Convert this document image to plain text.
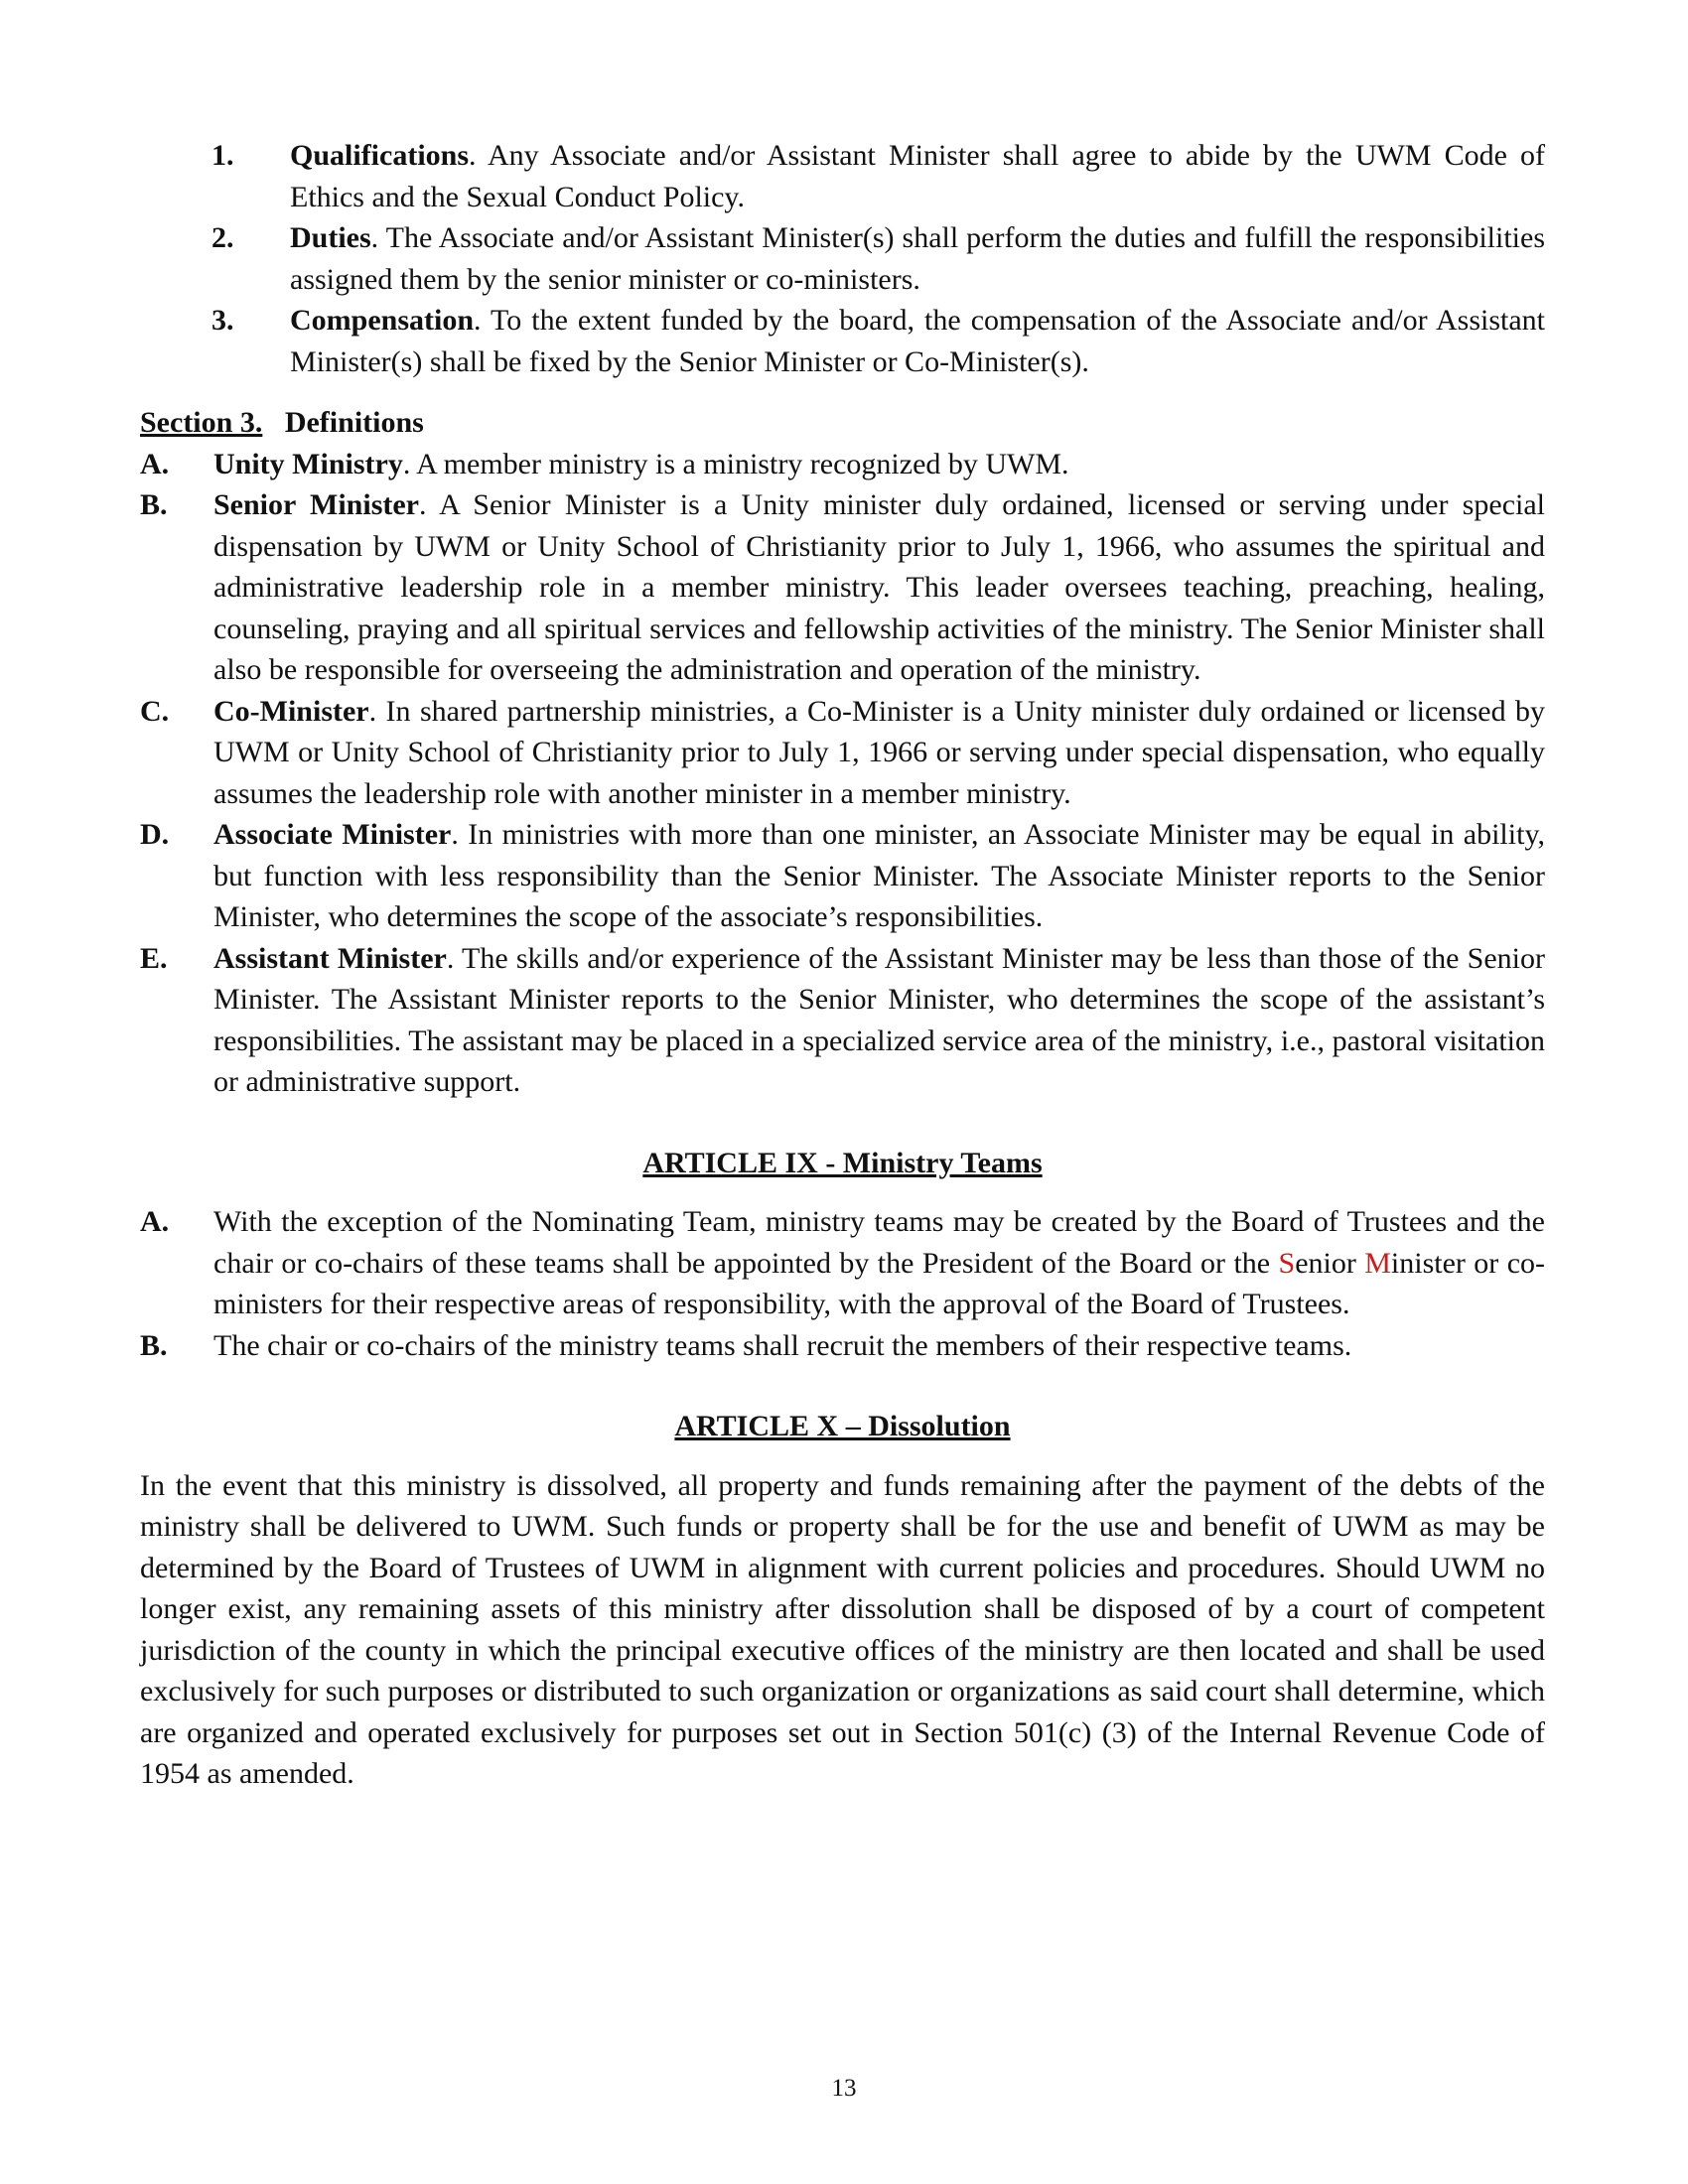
1. Qualifications. Any Associate and/or Assistant Minister shall agree to abide by the UWM Code of Ethics and the Sexual Conduct Policy.
2. Duties. The Associate and/or Assistant Minister(s) shall perform the duties and fulfill the responsibilities assigned them by the senior minister or co-ministers.
3. Compensation. To the extent funded by the board, the compensation of the Associate and/or Assistant Minister(s) shall be fixed by the Senior Minister or Co-Minister(s).
Section 3. Definitions
A. Unity Ministry. A member ministry is a ministry recognized by UWM.
B. Senior Minister. A Senior Minister is a Unity minister duly ordained, licensed or serving under special dispensation by UWM or Unity School of Christianity prior to July 1, 1966, who assumes the spiritual and administrative leadership role in a member ministry. This leader oversees teaching, preaching, healing, counseling, praying and all spiritual services and fellowship activities of the ministry. The Senior Minister shall also be responsible for overseeing the administration and operation of the ministry.
C. Co-Minister. In shared partnership ministries, a Co-Minister is a Unity minister duly ordained or licensed by UWM or Unity School of Christianity prior to July 1, 1966 or serving under special dispensation, who equally assumes the leadership role with another minister in a member ministry.
D. Associate Minister. In ministries with more than one minister, an Associate Minister may be equal in ability, but function with less responsibility than the Senior Minister. The Associate Minister reports to the Senior Minister, who determines the scope of the associate’s responsibilities.
E. Assistant Minister. The skills and/or experience of the Assistant Minister may be less than those of the Senior Minister. The Assistant Minister reports to the Senior Minister, who determines the scope of the assistant’s responsibilities. The assistant may be placed in a specialized service area of the ministry, i.e., pastoral visitation or administrative support.
ARTICLE IX - Ministry Teams
A. With the exception of the Nominating Team, ministry teams may be created by the Board of Trustees and the chair or co-chairs of these teams shall be appointed by the President of the Board or the Senior Minister or co-ministers for their respective areas of responsibility, with the approval of the Board of Trustees.
B. The chair or co-chairs of the ministry teams shall recruit the members of their respective teams.
ARTICLE X – Dissolution
In the event that this ministry is dissolved, all property and funds remaining after the payment of the debts of the ministry shall be delivered to UWM. Such funds or property shall be for the use and benefit of UWM as may be determined by the Board of Trustees of UWM in alignment with current policies and procedures. Should UWM no longer exist, any remaining assets of this ministry after dissolution shall be disposed of by a court of competent jurisdiction of the county in which the principal executive offices of the ministry are then located and shall be used exclusively for such purposes or distributed to such organization or organizations as said court shall determine, which are organized and operated exclusively for purposes set out in Section 501(c) (3) of the Internal Revenue Code of 1954 as amended.
13
